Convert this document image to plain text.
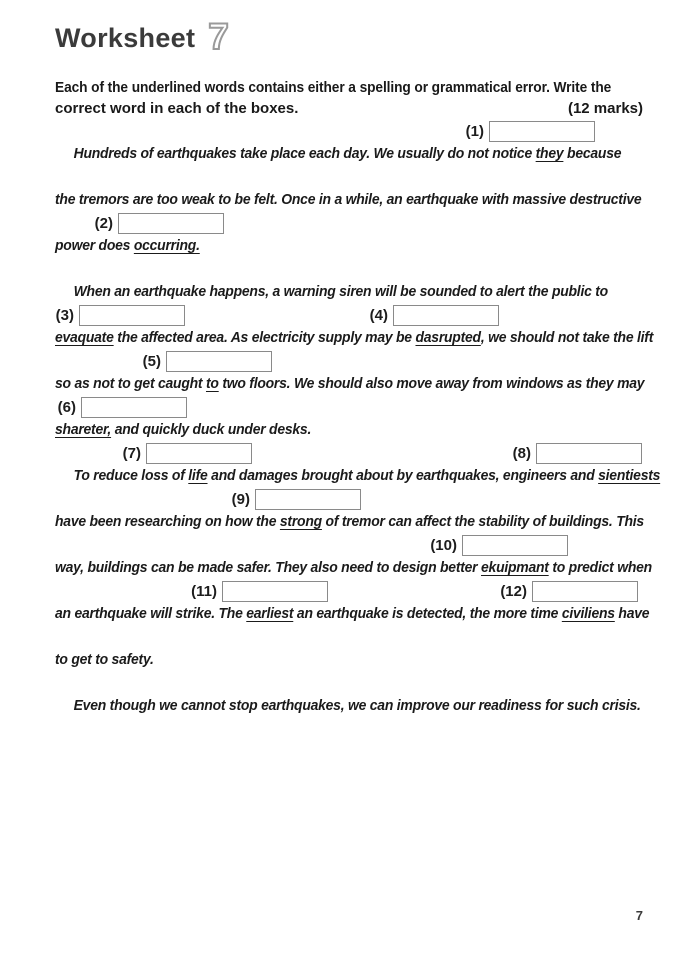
Worksheet 7
Each of the underlined words contains either a spelling or grammatical error. Write the
correct word in each of the boxes.	(12 marks)
(1)
Hundreds of earthquakes take place each day. We usually do not notice they because
the tremors are too weak to be felt. Once in a while, an earthquake with massive destructive
(2)
power does occurring.
When an earthquake happens, a warning siren will be sounded to alert the public to
(3)	(4)
evaquate the affected area. As electricity supply may be dasrupted, we should not take the lift
(5)
so as not to get caught to two floors. We should also move away from windows as they may
(6)
shareter, and quickly duck under desks.
(7)	(8)
To reduce loss of life and damages brought about by earthquakes, engineers and sientiests
(9)
have been researching on how the strong of tremor can affect the stability of buildings. This
(10)
way, buildings can be made safer. They also need to design better ekuipmant to predict when
(11)	(12)
an earthquake will strike. The earliest an earthquake is detected, the more time civiliens have
to get to safety.
Even though we cannot stop earthquakes, we can improve our readiness for such crisis.
7
